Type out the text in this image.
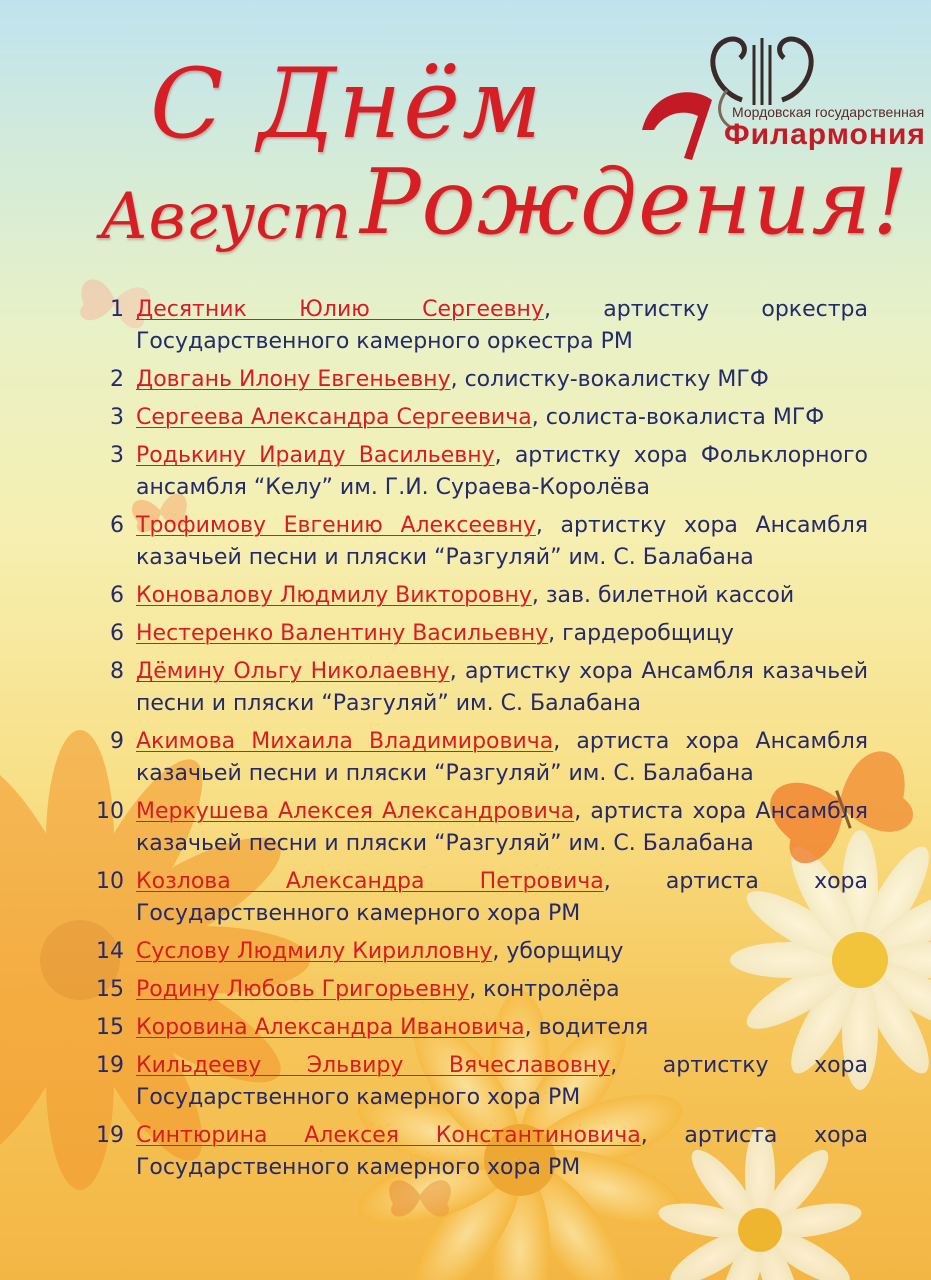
С Днём
Август Рождения!
Мордовская государственная
Филармония
1 Десятник Юлию Сергеевну, артистку оркестра Государственного камерного оркестра РМ
2 Довгань Илону Евгеньевну, солистку-вокалистку МГФ
3 Сергеева Александра Сергеевича, солиста-вокалиста МГФ
3 Родькину Ираиду Васильевну, артистку хора Фольклорного ансамбля “Келу” им. Г.И. Сураева-Королёва
6 Трофимову Евгению Алексеевну, артистку хора Ансамбля казачьей песни и пляски “Разгуляй” им. С. Балабана
6 Коновалову Людмилу Викторовну, зав. билетной кассой
6 Нестеренко Валентину Васильевну, гардеробщицу
8 Дёмину Ольгу Николаевну, артистку хора Ансамбля казачьей песни и пляски “Разгуляй” им. С. Балабана
9 Акимова Михаила Владимировича, артиста хора Ансамбля казачьей песни и пляски “Разгуляй” им. С. Балабана
10 Меркушева Алексея Александровича, артиста хора Ансамбля казачьей песни и пляски “Разгуляй” им. С. Балабана
10 Козлова Александра Петровича, артиста хора Государственного камерного хора РМ
14 Суслову Людмилу Кирилловну, уборщицу
15 Родину Любовь Григорьевну, контролёра
15 Коровина Александра Ивановича, водителя
19 Кильдееву Эльвиру Вячеславовну, артистку хора Государственного камерного хора РМ
19 Синтюрина Алексея Константиновича, артиста хора Государственного камерного хора РМ
